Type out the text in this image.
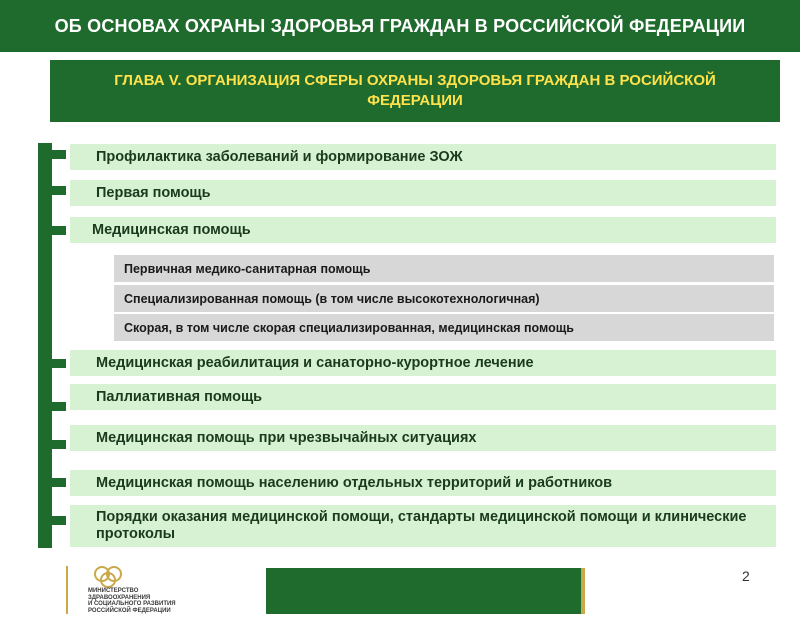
ОБ ОСНОВАХ ОХРАНЫ ЗДОРОВЬЯ ГРАЖДАН В РОССИЙСКОЙ ФЕДЕРАЦИИ
ГЛАВА V. ОРГАНИЗАЦИЯ СФЕРЫ ОХРАНЫ ЗДОРОВЬЯ ГРАЖДАН В РОСИЙСКОЙ ФЕДЕРАЦИИ
Профилактика заболеваний и формирование ЗОЖ
Первая помощь
Медицинская помощь
Первичная медико-санитарная помощь
Специализированная помощь (в том числе высокотехнологичная)
Скорая, в том числе скорая специализированная, медицинская помощь
Медицинская реабилитация и санаторно-курортное лечение
Паллиативная помощь
Медицинская помощь при чрезвычайных ситуациях
Медицинская помощь населению отдельных территорий и работников
Порядки оказания медицинской помощи, стандарты медицинской помощи и клинические протоколы
2
МИНИСТЕРСТВО
ЗДРАВООХРАНЕНИЯ
И СОЦИАЛЬНОГО РАЗВИТИЯ
РОССИЙСКОЙ ФЕДЕРАЦИИ
